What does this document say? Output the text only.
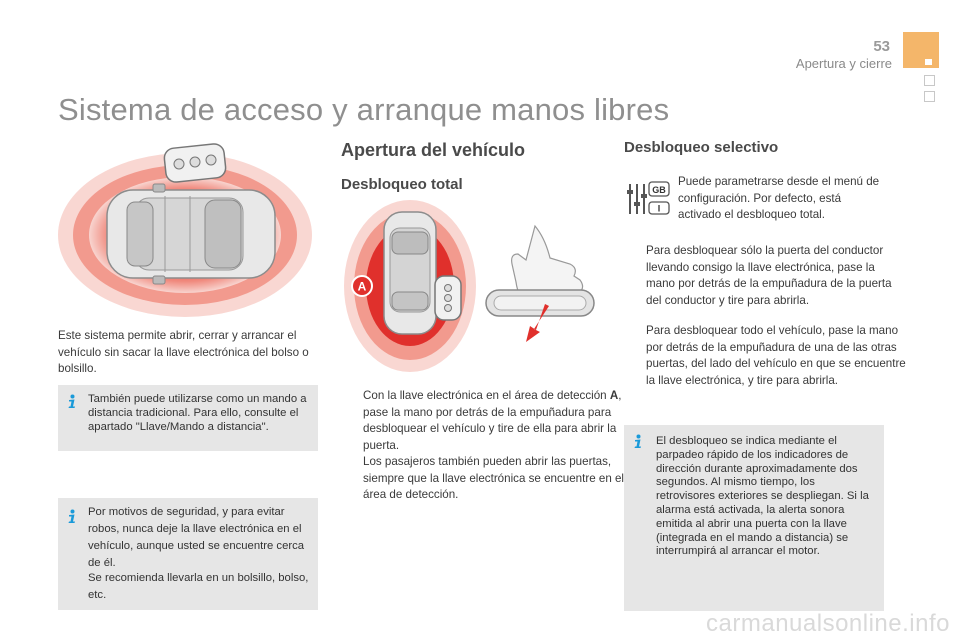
53
Apertura y cierre
Sistema de acceso y arranque manos libres
Este sistema permite abrir, cerrar y arrancar el vehículo sin sacar la llave electrónica del bolso o bolsillo.
También puede utilizarse como un mando a distancia tradicional. Para ello, consulte el apartado "Llave/Mando a distancia".
Por motivos de seguridad, y para evitar robos, nunca deje la llave electrónica en el vehículo, aunque usted se encuentre cerca de él.
Se recomienda llevarla en un bolsillo, bolso, etc.
Apertura del vehículo
Desbloqueo total
A
Con la llave electrónica en el área de detección A, pase la mano por detrás de la empuñadura para desbloquear el vehículo y tire de ella para abrir la puerta.
Los pasajeros también pueden abrir las puertas, siempre que la llave electrónica se encuentre en el área de detección.
Desbloqueo selectivo
GB
I
Puede parametrarse desde el menú de configuración. Por defecto, está activado el desbloqueo total.
Para desbloquear sólo la puerta del conductor llevando consigo la llave electrónica, pase la mano por detrás de la empuñadura de la puerta del conductor y tire para abrirla.
Para desbloquear todo el vehículo, pase la mano por detrás de la empuñadura de una de las otras puertas, del lado del vehículo en que se encuentre la llave electrónica, y tire para abrirla.
El desbloqueo se indica mediante el parpadeo rápido de los indicadores de dirección durante aproximadamente dos segundos. Al mismo tiempo, los retrovisores exteriores se despliegan. Si la alarma está activada, la alerta sonora emitida al abrir una puerta con la llave (integrada en el mando a distancia) se interrumpirá al arrancar el motor.
carmanualsonline.info
